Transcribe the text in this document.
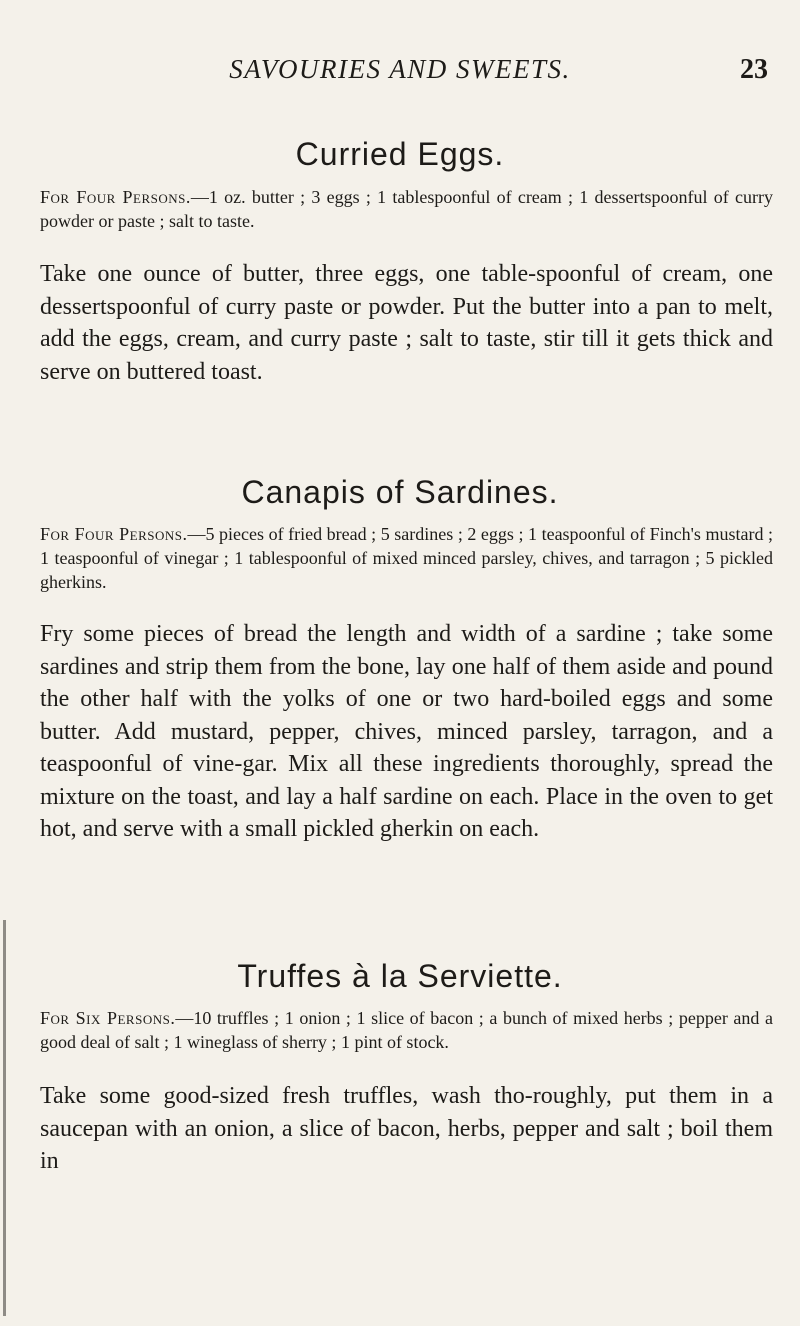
SAVOURIES AND SWEETS.	23
Curried Eggs.

For Four Persons.—1 oz. butter ; 3 eggs ; 1 tablespoonful of cream ; 1 dessertspoonful of curry powder or paste ; salt to taste.

Take one ounce of butter, three eggs, one table-spoonful of cream, one dessertspoonful of curry paste or powder. Put the butter into a pan to melt, add the eggs, cream, and curry paste ; salt to taste, stir till it gets thick and serve on buttered toast.

Canapis of Sardines.

For Four Persons.—5 pieces of fried bread ; 5 sardines ; 2 eggs ; 1 teaspoonful of Finch's mustard ; 1 teaspoonful of vinegar ; 1 tablespoonful of mixed minced parsley, chives, and tarragon ; 5 pickled gherkins.

Fry some pieces of bread the length and width of a sardine ; take some sardines and strip them from the bone, lay one half of them aside and pound the other half with the yolks of one or two hard-boiled eggs and some butter. Add mustard, pepper, chives, minced parsley, tarragon, and a teaspoonful of vine-gar. Mix all these ingredients thoroughly, spread the mixture on the toast, and lay a half sardine on each. Place in the oven to get hot, and serve with a small pickled gherkin on each.

Truffes à la Serviette.

For Six Persons.—10 truffles ; 1 onion ; 1 slice of bacon ; a bunch of mixed herbs ; pepper and a good deal of salt ; 1 wineglass of sherry ; 1 pint of stock.

Take some good-sized fresh truffles, wash tho-roughly, put them in a saucepan with an onion, a slice of bacon, herbs, pepper and salt ; boil them in
